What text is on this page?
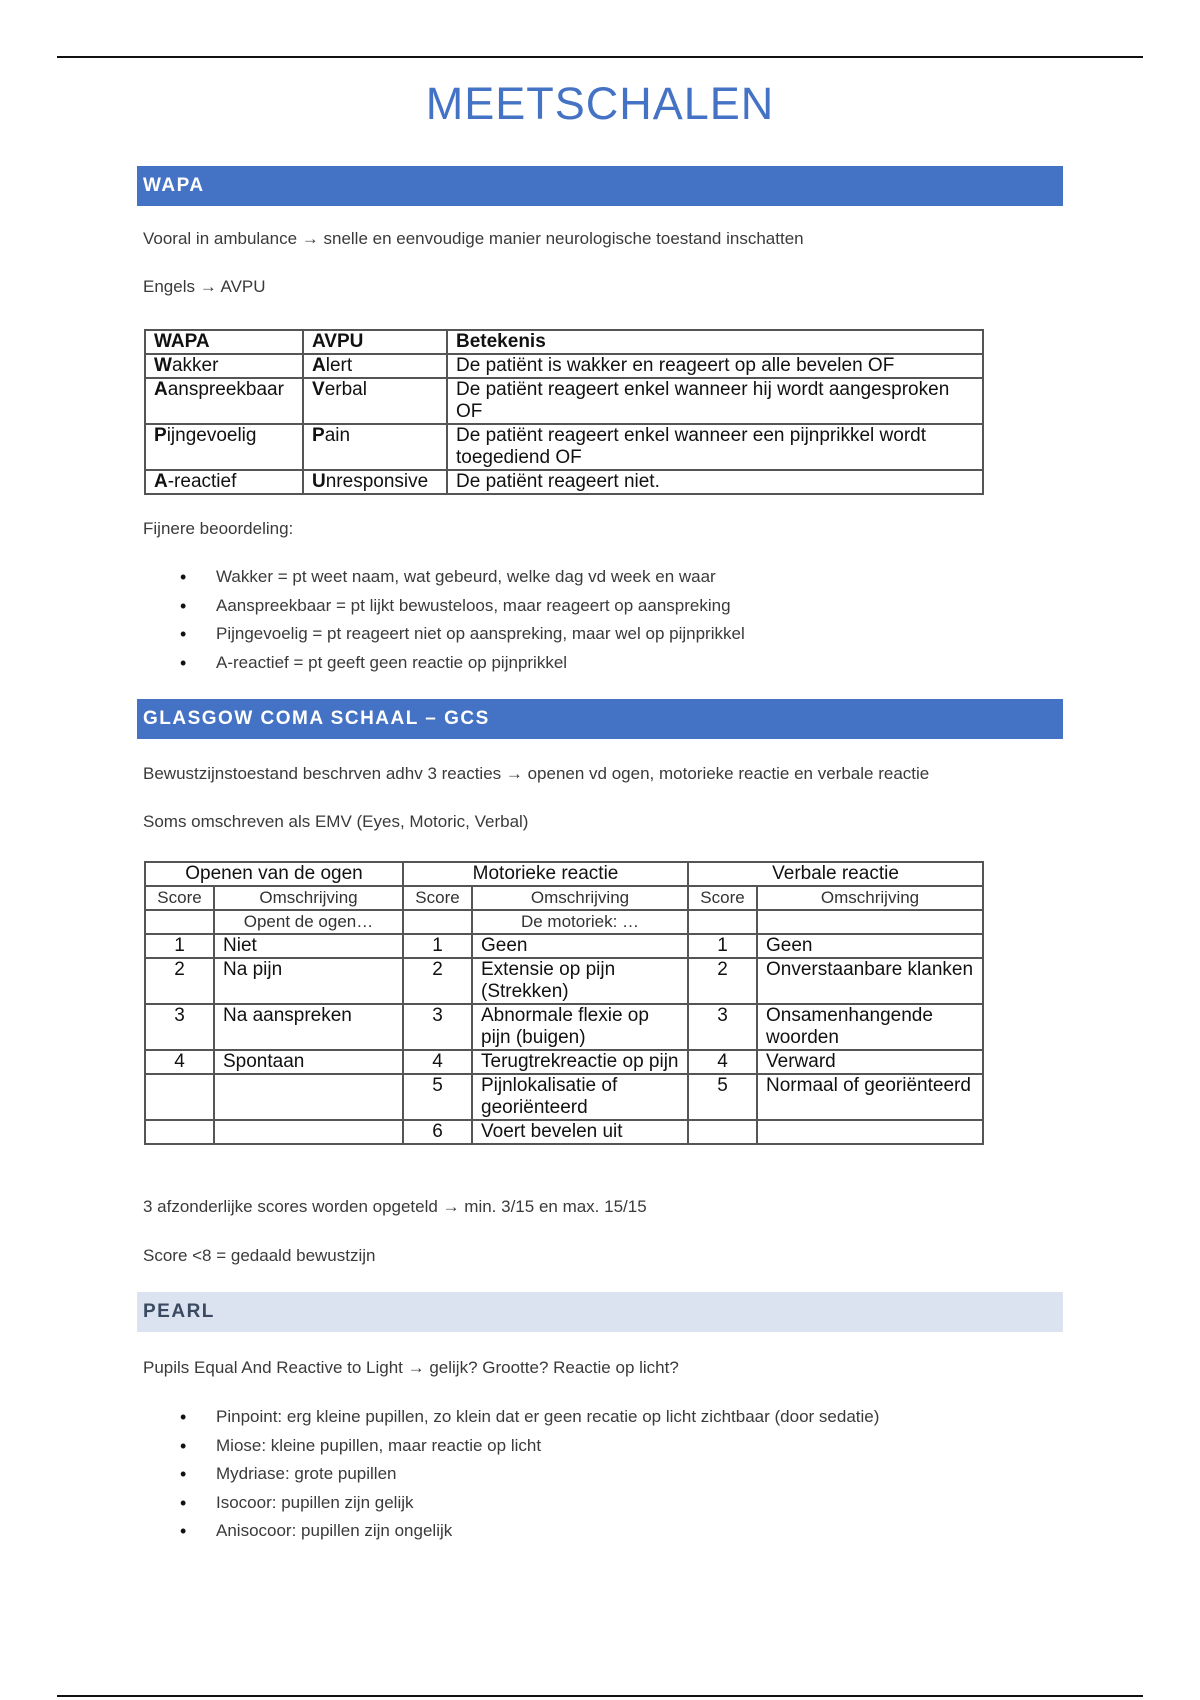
MEETSCHALEN
WAPA
Vooral in ambulance → snelle en eenvoudige manier neurologische toestand inschatten
Engels → AVPU
WAPA	AVPU	Betekenis
Wakker	Alert	De patiënt is wakker en reageert op alle bevelen OF
Aanspreekbaar	Verbal	De patiënt reageert enkel wanneer hij wordt aangesproken OF
Pijngevoelig	Pain	De patiënt reageert enkel wanneer een pijnprikkel wordt toegediend OF
A-reactief	Unresponsive	De patiënt reageert niet.
Fijnere beoordeling:
• Wakker = pt weet naam, wat gebeurd, welke dag vd week en waar
• Aanspreekbaar = pt lijkt bewusteloos, maar reageert op aanspreking
• Pijngevoelig = pt reageert niet op aanspreking, maar wel op pijnprikkel
• A-reactief = pt geeft geen reactie op pijnprikkel
GLASGOW COMA SCHAAL – GCS
Bewustzijnstoestand beschrven adhv 3 reacties → openen vd ogen, motorieke reactie en verbale reactie
Soms omschreven als EMV (Eyes, Motoric, Verbal)
Openen van de ogen		Motorieke reactie		Verbale reactie	
Score	Omschrijving	Score	Omschrijving	Score	Omschrijving
	Opent de ogen…		De motoriek: …		
1	Niet	1	Geen	1	Geen
2	Na pijn	2	Extensie op pijn (Strekken)	2	Onverstaanbare klanken
3	Na aanspreken	3	Abnormale flexie op pijn (buigen)	3	Onsamenhangende woorden
4	Spontaan	4	Terugtrekreactie op pijn	4	Verward
		5	Pijnlokalisatie of georiënteerd	5	Normaal of georiënteerd
		6	Voert bevelen uit		
3 afzonderlijke scores worden opgeteld → min. 3/15 en max. 15/15
Score <8 = gedaald bewustzijn
PEARL
Pupils Equal And Reactive to Light → gelijk? Grootte? Reactie op licht?
• Pinpoint: erg kleine pupillen, zo klein dat er geen recatie op licht zichtbaar (door sedatie)
• Miose: kleine pupillen, maar reactie op licht
• Mydriase: grote pupillen
• Isocoor: pupillen zijn gelijk
• Anisocoor: pupillen zijn ongelijk
